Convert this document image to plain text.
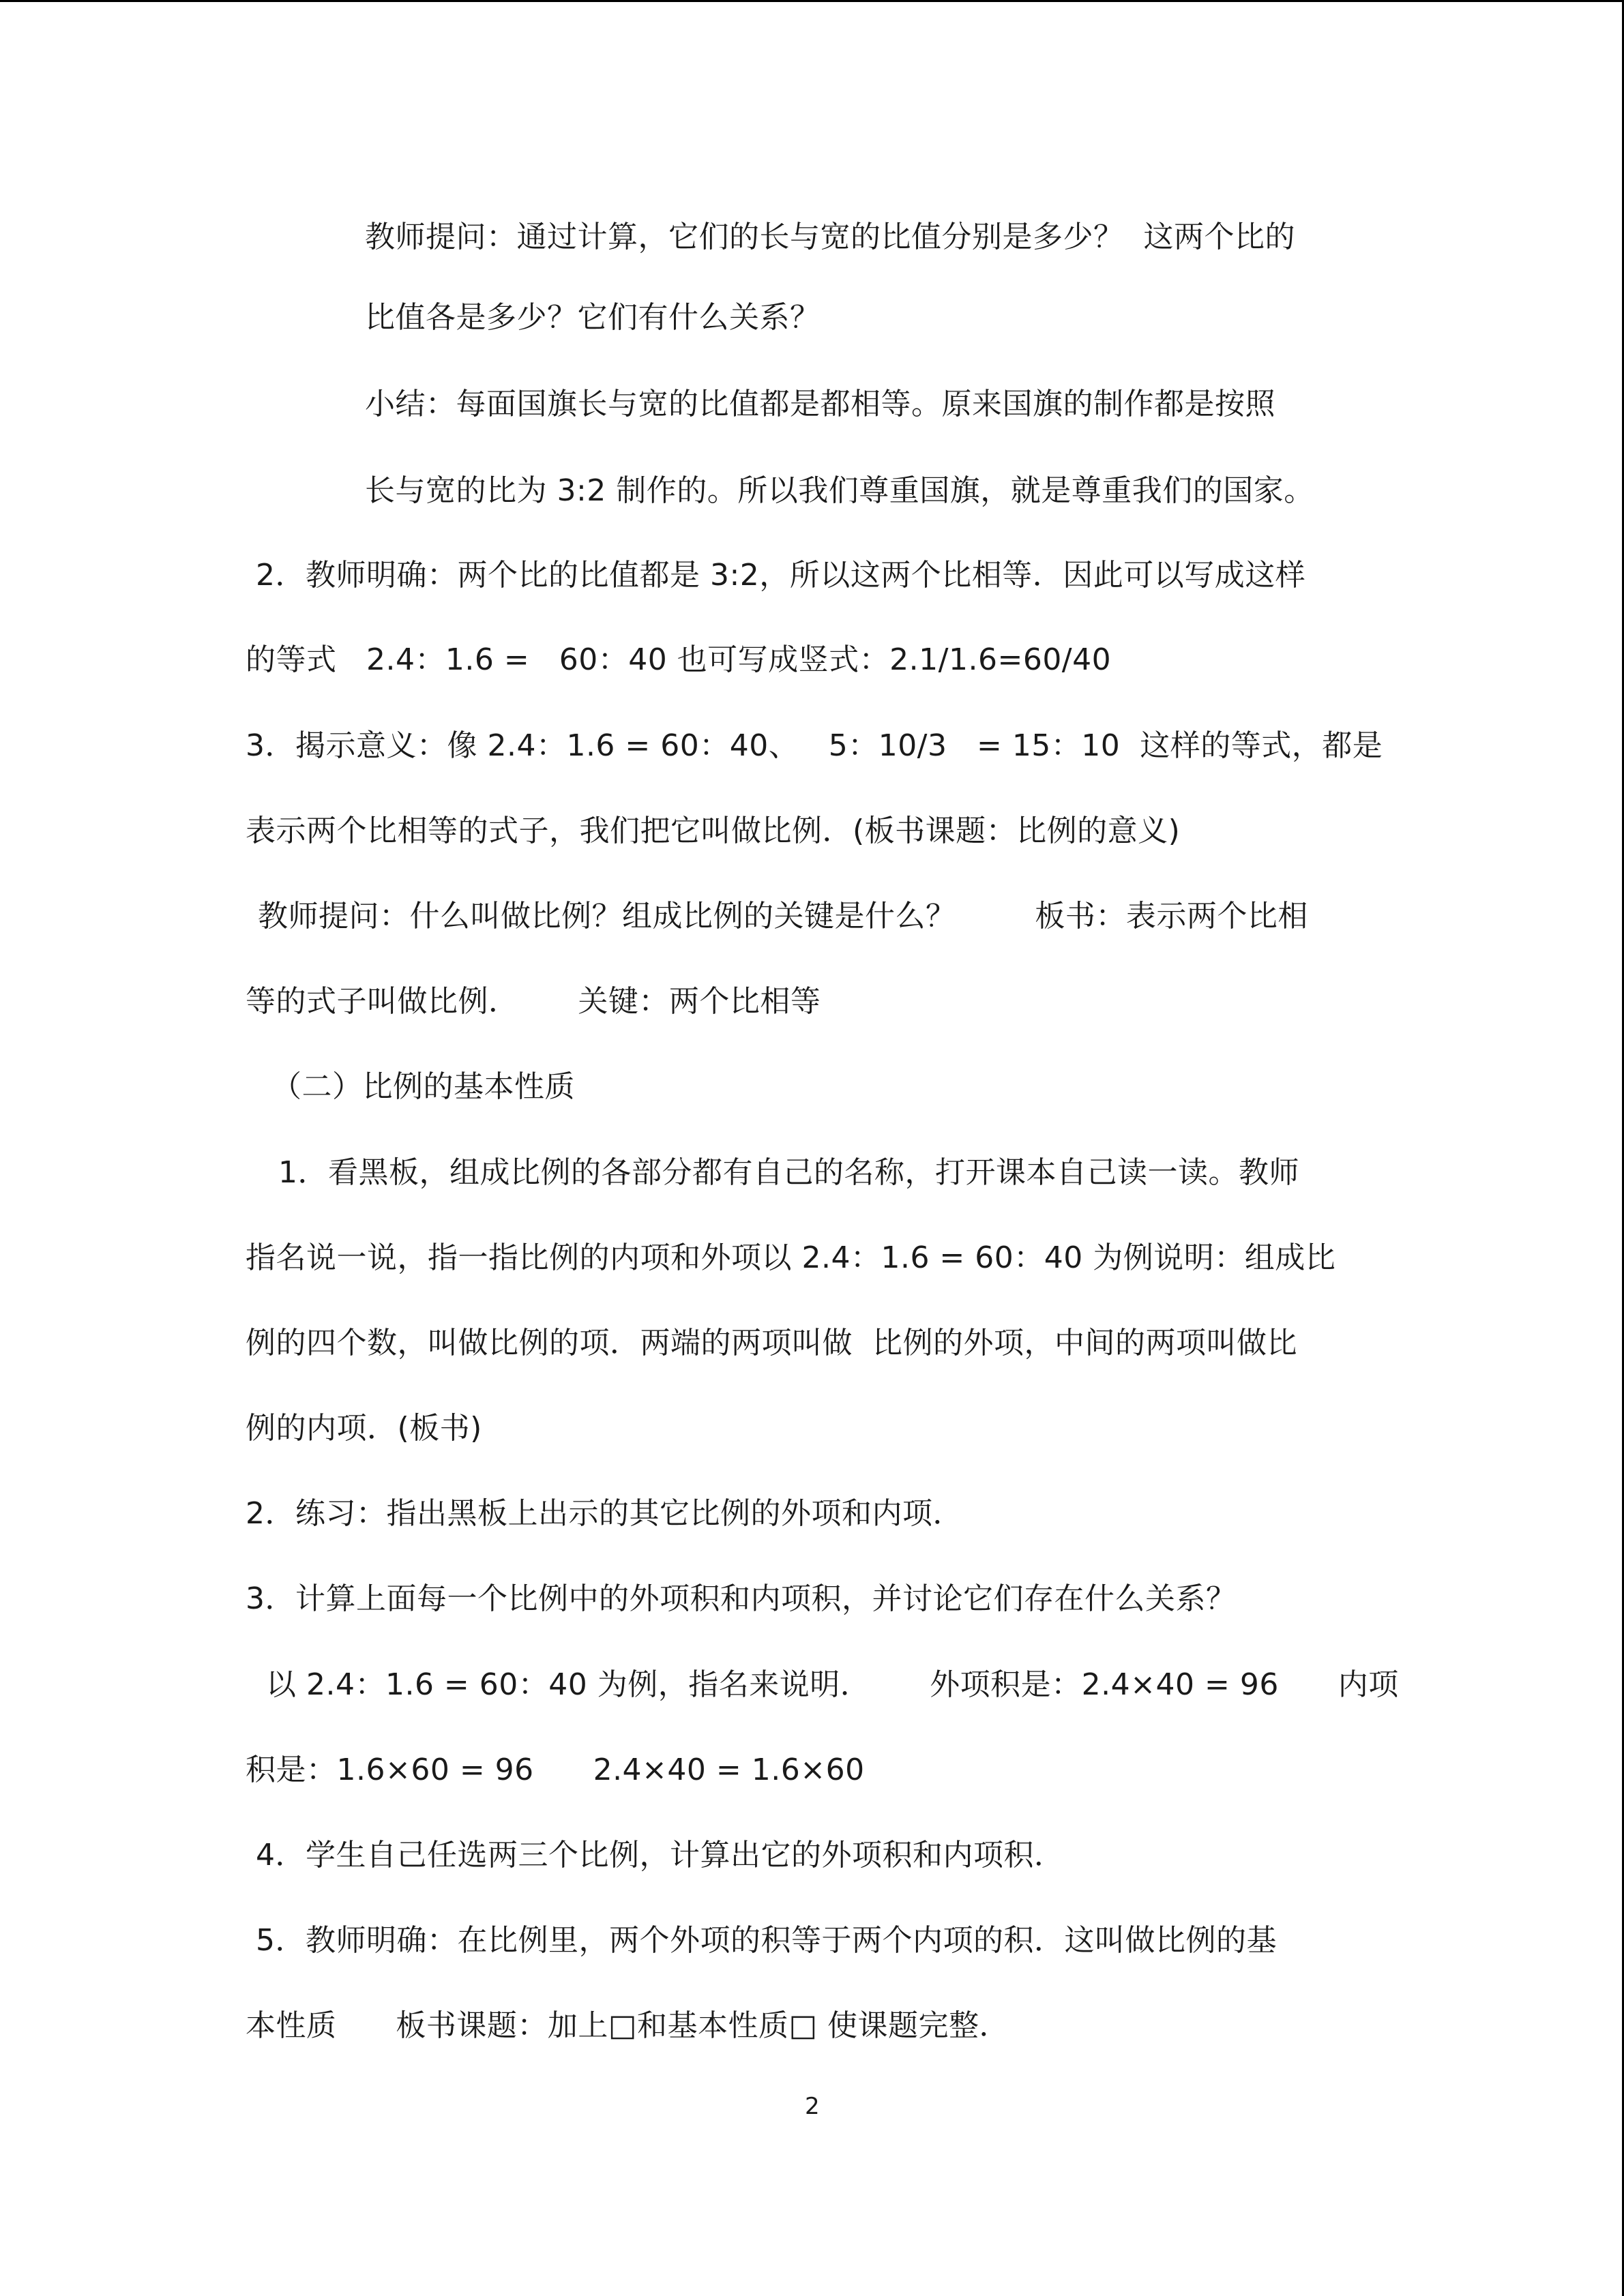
教师提问：通过计算，它们的长与宽的比值分别是多少？  这两个比的
比值各是多少？它们有什么关系？
小结：每面国旗长与宽的比值都是都相等。原来国旗的制作都是按照
长与宽的比为 3:2 制作的。所以我们尊重国旗，就是尊重我们的国家。
2．教师明确：两个比的比值都是 3:2，所以这两个比相等．因此可以写成这样
的等式   2.4：1.6 =   60：40 也可写成竖式：2.1/1.6=60/40
3．揭示意义：像 2.4：1.6 = 60：40、   5：10/3   = 15：10  这样的等式，都是
表示两个比相等的式子，我们把它叫做比例．(板书课题：比例的意义)
教师提问：什么叫做比例？组成比例的关键是什么？        板书：表示两个比相
等的式子叫做比例．      关键：两个比相等
（二）比例的基本性质
1．看黑板，组成比例的各部分都有自己的名称，打开课本自己读一读。教师
指名说一说，指一指比例的内项和外项以 2.4：1.6 = 60：40 为例说明：组成比
例的四个数，叫做比例的项．两端的两项叫做  比例的外项，中间的两项叫做比
例的内项．(板书)
2．练习：指出黑板上出示的其它比例的外项和内项．
3．计算上面每一个比例中的外项积和内项积，并讨论它们存在什么关系？
以 2.4：1.6 = 60：40 为例，指名来说明．      外项积是：2.4×40 = 96      内项
积是：1.6×60 = 96      2.4×40 = 1.6×60
4．学生自己任选两三个比例，计算出它的外项积和内项积．
5．教师明确：在比例里，两个外项的积等于两个内项的积．这叫做比例的基
本性质      板书课题：加上□和基本性质□ 使课题完整．
2
